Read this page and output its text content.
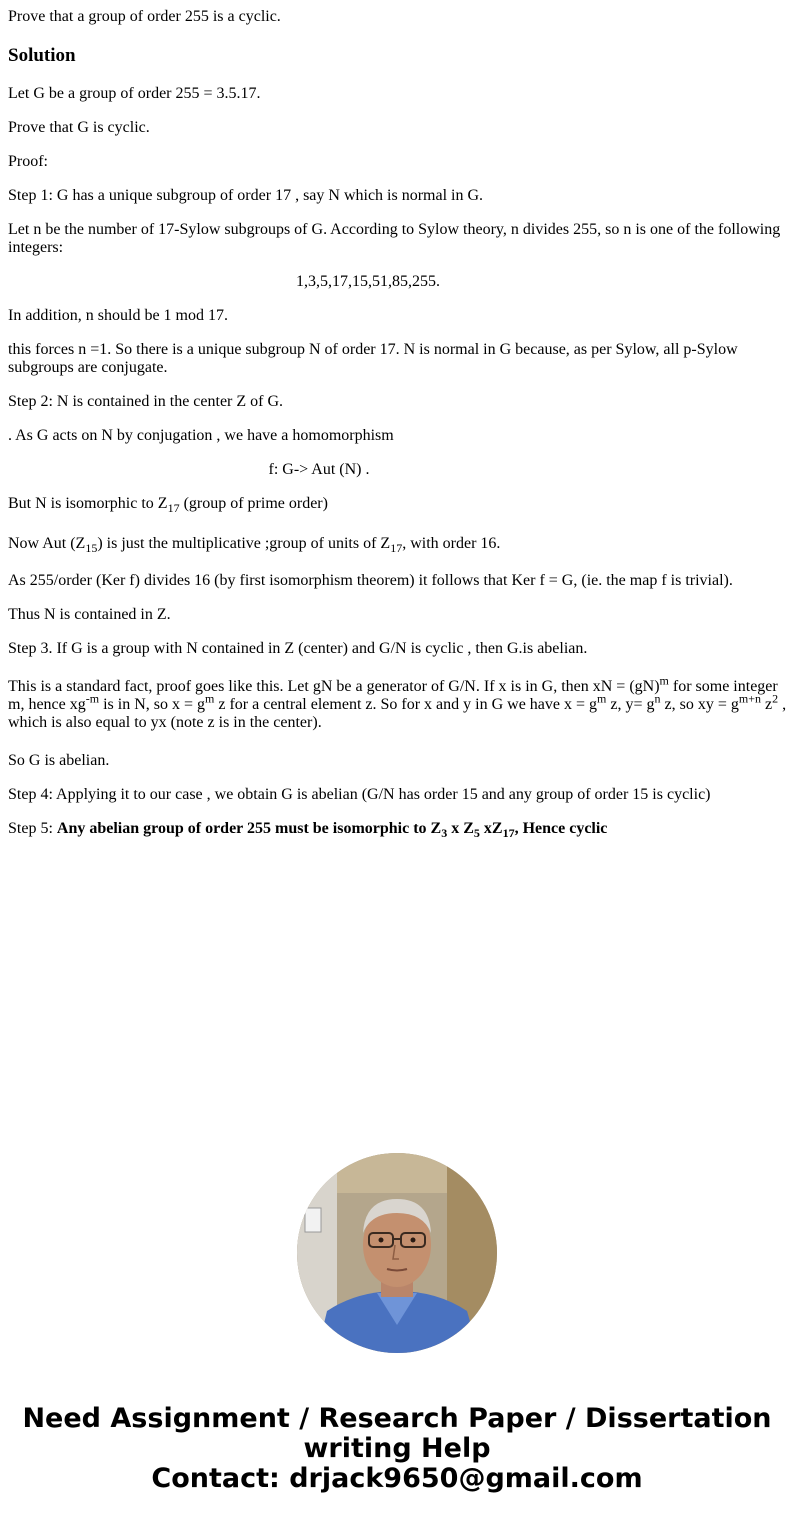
Prove that a group of order 255 is a cyclic.

Solution

Let G be a group of order 255 = 3.5.17.

Prove that G is cyclic.

Proof:

Step 1: G has a unique subgroup of order 17 , say N which is normal in G.

Let n be the number of 17-Sylow subgroups of G. According to Sylow theory, n divides 255, so n is one of the following integers:

1,3,5,17,15,51,85,255.

In addition, n should be 1 mod 17.

this forces n =1. So there is a unique subgroup N of order 17. N is normal in G because, as per Sylow, all p-Sylow subgroups are conjugate.

Step 2: N is contained in the center Z of G.

. As G acts on N by conjugation , we have a homomorphism

f: G-> Aut (N) .

But N is isomorphic to $Z_{17}$ (group of prime order)

Now Aut $(Z_{15})$ is just the multiplicative ;group of units of $Z_{17}$, with order 16.

As 255/order (Ker f) divides 16 (by first isomorphism theorem) it follows that Ker f = G, (ie. the map f is trivial).

Thus N is contained in Z.

Step 3. If G is a group with N contained in Z (center) and G/N is cyclic , then G.is abelian.

This is a standard fact, proof goes like this. Let gN be a generator of G/N. If x is in G, then xN = (gN)$^m$ for some integer m, hence $xg^{-m}$ is in N, so $x = g^m$ z for a central element z. So for x and y in G we have $x = g^m$ z, $y= g^n$ z, so xy = $g^{m+n}$ $z^2$ , which is also equal to yx (note z is in the center).

So G is abelian.

Step 4: Applying it to our case , we obtain G is abelian (G/N has order 15 and any group of order 15 is cyclic)

Step 5: Any abelian group of order 255 must be isomorphic to $Z_3$ x $Z_5$ $xZ_{17}$, Hence cyclic

Need Assignment / Research Paper / Dissertation
writing Help
Contact: drjack9650@gmail.com
